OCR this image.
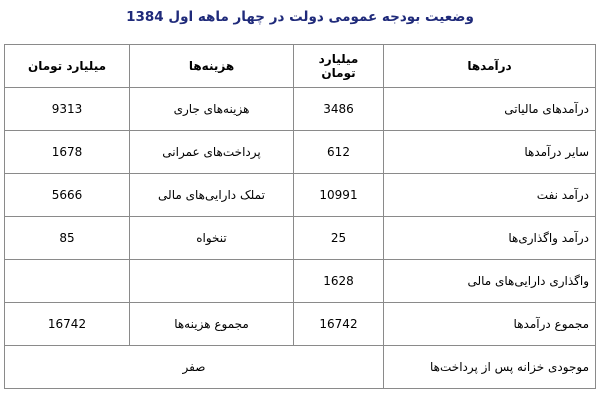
وضعیت بودجه عمومی دولت در چهار ماهه اول 1384
درآمدها	میلیارد تومان	هزینه‌ها	میلیارد تومان
درآمدهای مالیاتی	3486	هزینه‌های جاری	9313
سایر درآمدها	612	پرداخت‌های عمرانی	1678
درآمد نفت	10991	تملک دارایی‌های مالی	5666
درآمد واگذاری‌ها	25	تنخواه	85
واگذاری دارایی‌های مالی	1628		
مجموع درآمدها	16742	مجموع هزینه‌ها	16742
موجودی خزانه پس از پرداخت‌ها	صفر		
